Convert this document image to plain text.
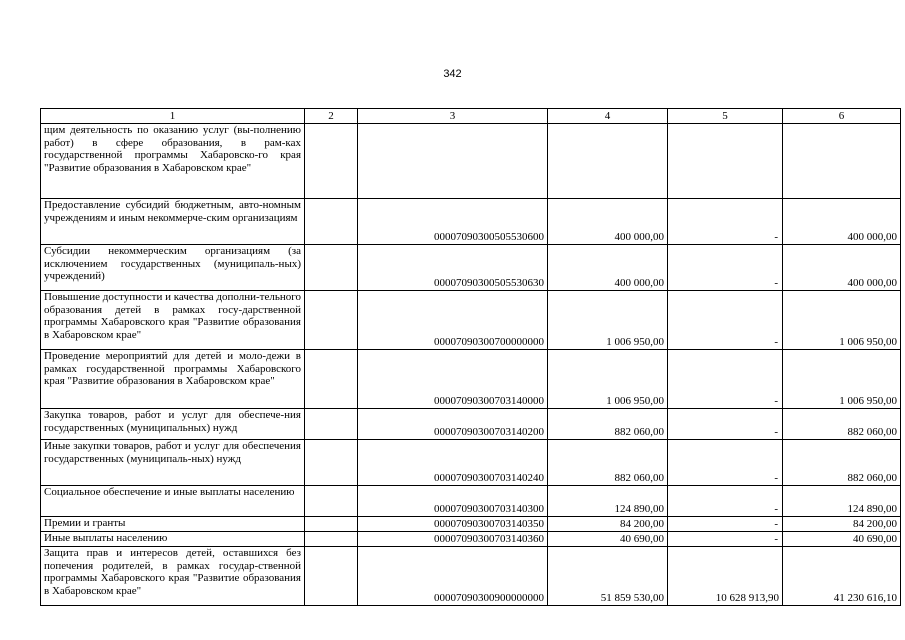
342
1	2	3	4	5	6
щим деятельность по оказанию услуг (вы-полнению работ) в сфере образования, в рам-ках государственной программы Хабаровско-го края "Развитие образования в Хабаровском крае"					
Предоставление субсидий бюджетным, авто-номным учреждениям и иным некоммерче-ским организациям		00007090300505530600	400 000,00	-	400 000,00
Субсидии некоммерческим организациям (за исключением государственных (муниципаль-ных) учреждений)		00007090300505530630	400 000,00	-	400 000,00
Повышение доступности и качества дополни-тельного образования детей в рамках госу-дарственной программы Хабаровского края "Развитие образования в Хабаровском крае"		00007090300700000000	1 006 950,00	-	1 006 950,00
Проведение мероприятий для детей и моло-дежи в рамках государственной программы Хабаровского края "Развитие образования в Хабаровском крае"		00007090300703140000	1 006 950,00	-	1 006 950,00
Закупка товаров, работ и услуг для обеспече-ния государственных (муниципальных) нужд		00007090300703140200	882 060,00	-	882 060,00
Иные закупки товаров, работ и услуг для обеспечения государственных (муниципаль-ных) нужд		00007090300703140240	882 060,00	-	882 060,00
Социальное обеспечение и иные выплаты населению		00007090300703140300	124 890,00	-	124 890,00
Премии и гранты		00007090300703140350	84 200,00	-	84 200,00
Иные выплаты населению		00007090300703140360	40 690,00	-	40 690,00
Защита прав и интересов детей, оставшихся без попечения родителей, в рамках государ-ственной программы Хабаровского края "Развитие образования в Хабаровском крае"		00007090300900000000	51 859 530,00	10 628 913,90	41 230 616,10
